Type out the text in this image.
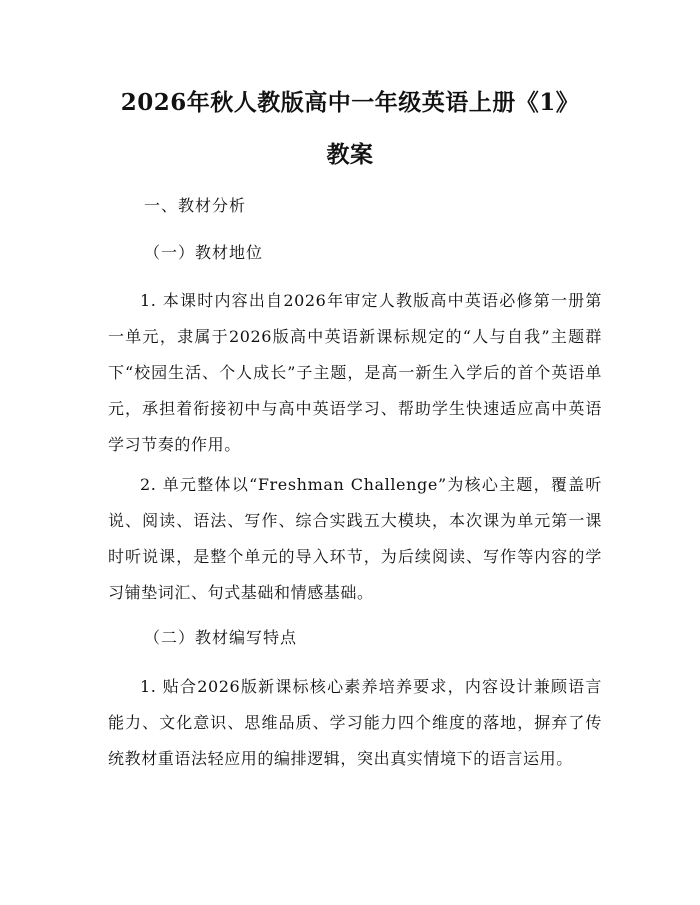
2026年秋人教版高中一年级英语上册《1》
教案
一、教材分析
（一）教材地位
1. 本课时内容出自2026年审定人教版高中英语必修第一册第一单元，隶属于2026版高中英语新课标规定的“人与自我”主题群下“校园生活、个人成长”子主题，是高一新生入学后的首个英语单元，承担着衔接初中与高中英语学习、帮助学生快速适应高中英语学习节奏的作用。
2. 单元整体以“Freshman Challenge”为核心主题，覆盖听说、阅读、语法、写作、综合实践五大模块，本次课为单元第一课时听说课，是整个单元的导入环节，为后续阅读、写作等内容的学习铺垫词汇、句式基础和情感基础。
（二）教材编写特点
1. 贴合2026版新课标核心素养培养要求，内容设计兼顾语言能力、文化意识、思维品质、学习能力四个维度的落地，摒弃了传统教材重语法轻应用的编排逻辑，突出真实情境下的语言运用。
